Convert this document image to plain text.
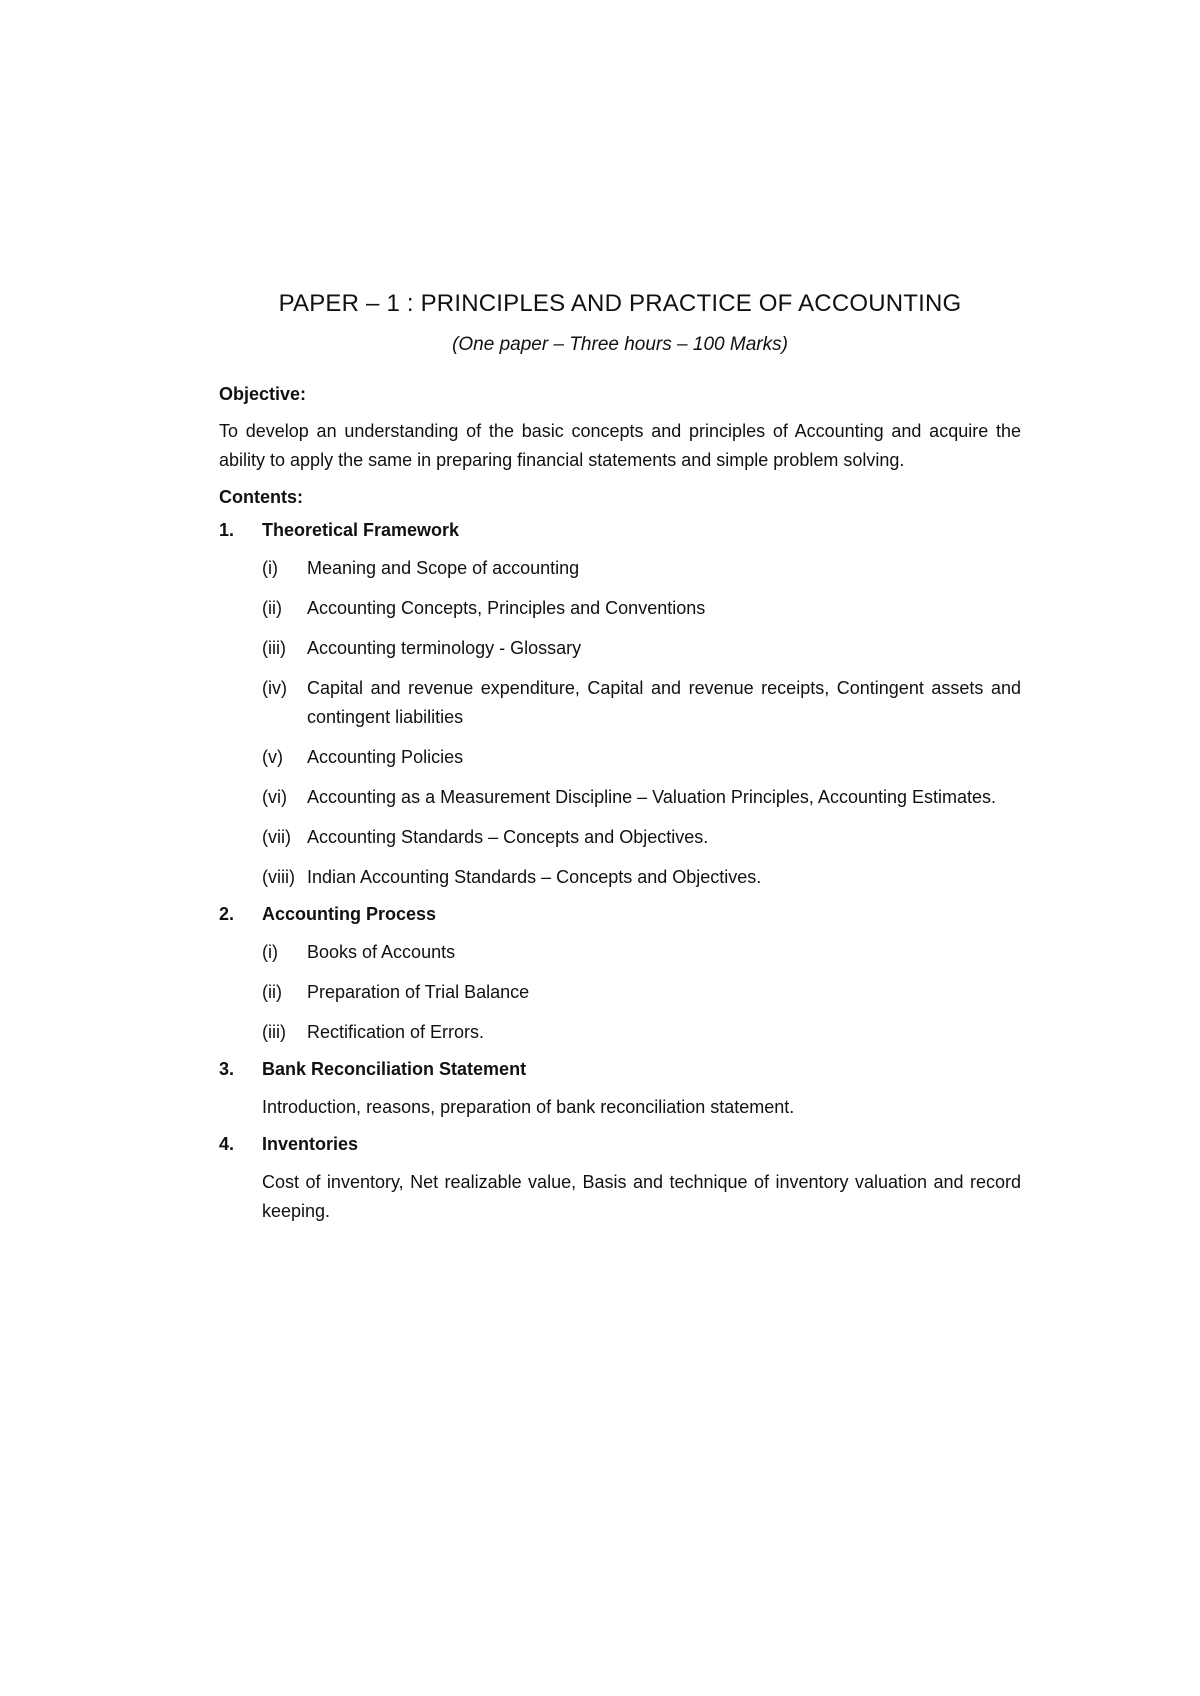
PAPER – 1 : PRINCIPLES AND PRACTICE OF ACCOUNTING
(One paper – Three hours – 100 Marks)
Objective:

To develop an understanding of the basic concepts and principles of Accounting and acquire the ability to apply the same in preparing financial statements and simple problem solving.

Contents:
1.	Theoretical Framework
(i)	Meaning and Scope of accounting
(ii)	Accounting Concepts, Principles and Conventions
(iii)	Accounting terminology - Glossary
(iv)	Capital and revenue expenditure, Capital and revenue receipts, Contingent assets and contingent liabilities
(v)	Accounting Policies
(vi)	Accounting as a Measurement Discipline – Valuation Principles, Accounting Estimates.
(vii) Accounting Standards – Concepts and Objectives.
(viii) Indian Accounting Standards – Concepts and Objectives.
2.	Accounting Process
(i)	Books of Accounts
(ii)	Preparation of Trial Balance
(iii)	Rectification of Errors.
3.	Bank Reconciliation Statement

Introduction, reasons, preparation of bank reconciliation statement.

4.	Inventories

Cost of inventory, Net realizable value, Basis and technique of inventory valuation and record keeping.
